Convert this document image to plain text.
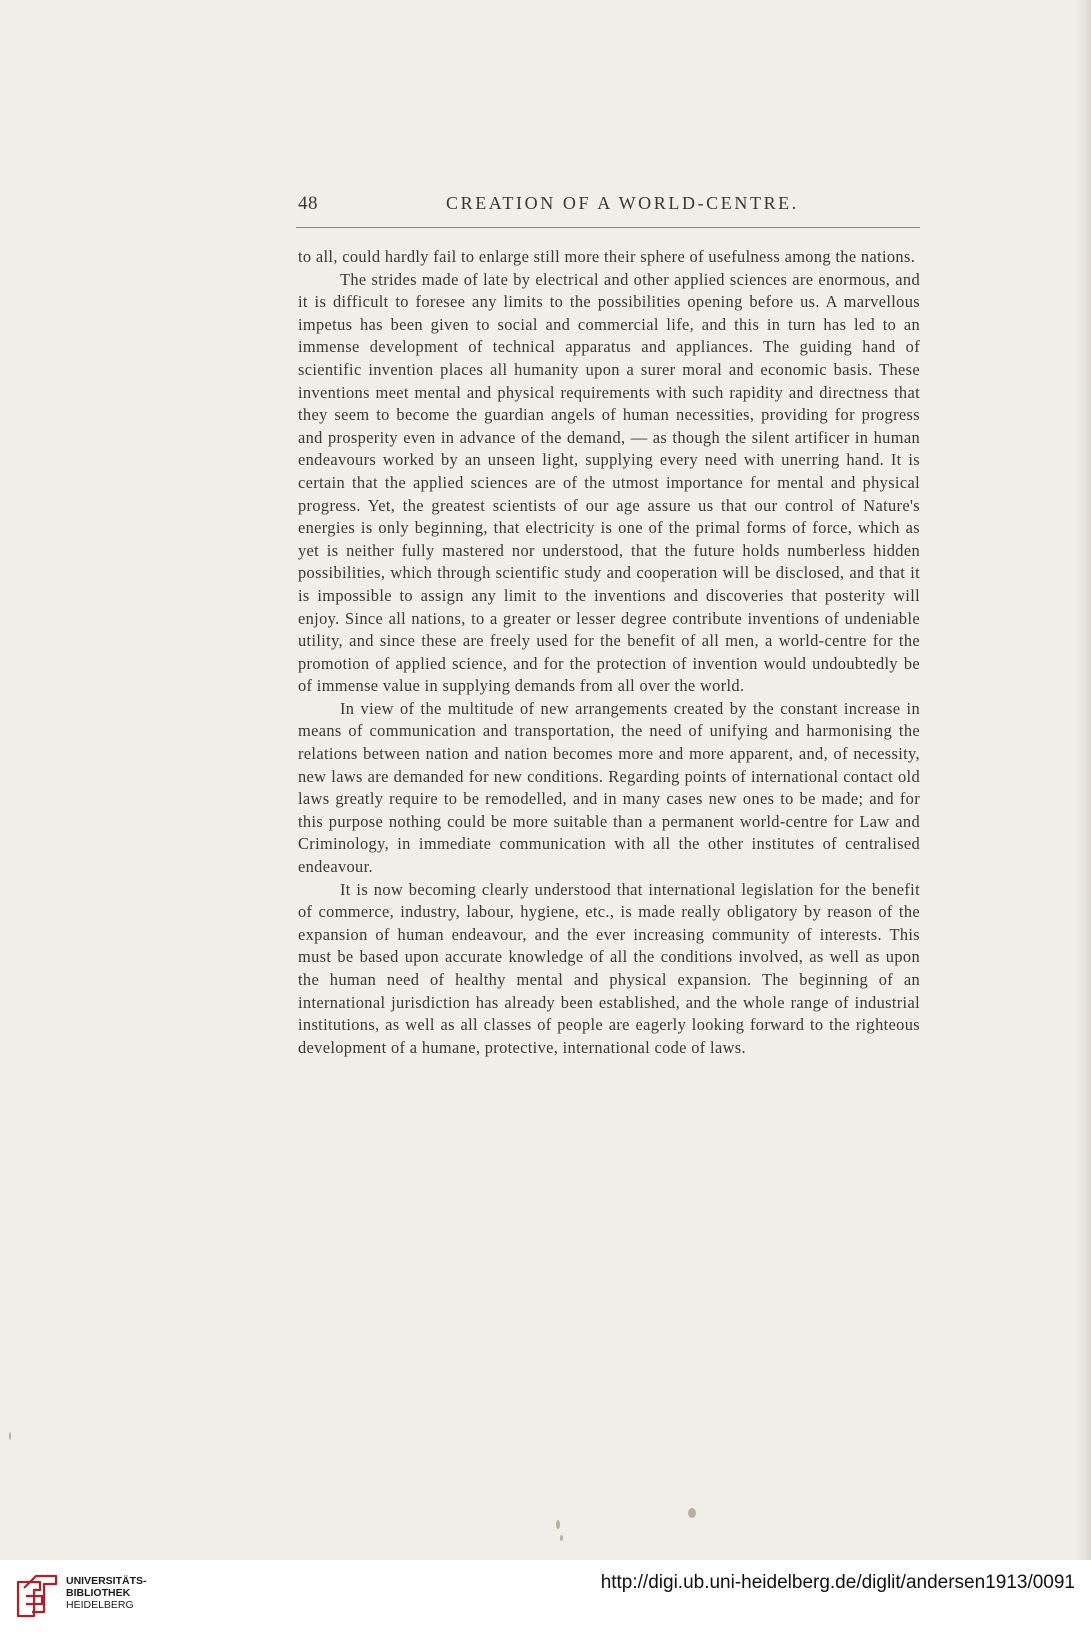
48	CREATION OF A WORLD-CENTRE.

to all, could hardly fail to enlarge still more their sphere of usefulness among the nations.

The strides made of late by electrical and other applied sciences are enormous, and it is difficult to foresee any limits to the possibilities opening before us. A marvellous impetus has been given to social and commercial life, and this in turn has led to an immense development of technical apparatus and appliances. The guiding hand of scientific invention places all humanity upon a surer moral and economic basis. These inventions meet mental and physical requirements with such rapidity and directness that they seem to become the guardian angels of human necessities, providing for progress and prosperity even in advance of the demand, — as though the silent artificer in human endeavours worked by an unseen light, supplying every need with unerring hand. It is certain that the applied sciences are of the utmost importance for mental and physical progress. Yet, the greatest scientists of our age assure us that our control of Nature's energies is only beginning, that electricity is one of the primal forms of force, which as yet is neither fully mastered nor understood, that the future holds numberless hidden possibilities, which through scientific study and cooperation will be disclosed, and that it is impossible to assign any limit to the inventions and discoveries that posterity will enjoy. Since all nations, to a greater or lesser degree contribute inventions of undeniable utility, and since these are freely used for the benefit of all men, a world-centre for the promotion of applied science, and for the protection of invention would undoubtedly be of immense value in supplying demands from all over the world.

In view of the multitude of new arrangements created by the constant increase in means of communication and transportation, the need of unifying and harmonising the relations between nation and nation becomes more and more apparent, and, of necessity, new laws are demanded for new conditions. Regarding points of international contact old laws greatly require to be remodelled, and in many cases new ones to be made; and for this purpose nothing could be more suitable than a permanent world-centre for Law and Criminology, in immediate communication with all the other institutes of centralised endeavour.

It is now becoming clearly understood that international legislation for the benefit of commerce, industry, labour, hygiene, etc., is made really obligatory by reason of the expansion of human endeavour, and the ever increasing community of interests. This must be based upon accurate knowledge of all the conditions involved, as well as upon the human need of healthy mental and physical expansion. The beginning of an international jurisdiction has already been established, and the whole range of industrial institutions, as well as all classes of people are eagerly looking forward to the righteous development of a humane, protective, international code of laws.

UNIVERSITÄTS-
BIBLIOTHEK
HEIDELBERG
http://digi.ub.uni-heidelberg.de/diglit/andersen1913/0091
